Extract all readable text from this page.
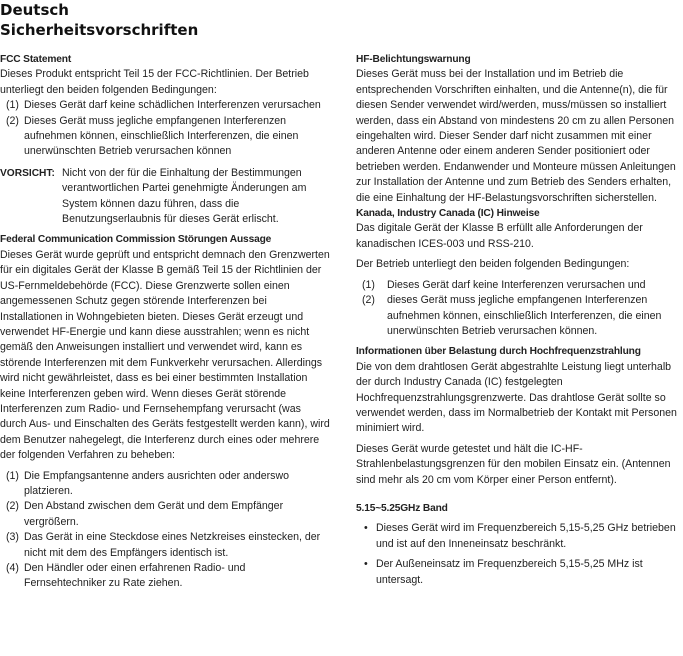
Deutsch
Sicherheitsvorschriften

FCC Statement

Dieses Produkt entspricht Teil 15 der FCC-Richtlinien. Der Betrieb unterliegt den beiden folgenden Bedingungen:

(1) Dieses Gerät darf keine schädlichen Interferenzen verursachen
(2) Dieses Gerät muss jegliche empfangenen Interferenzen aufnehmen können, einschließlich Interferenzen, die einen unerwünschten Betrieb verursachen können
VORSICHT: Nicht von der für die Einhaltung der Bestimmungen verantwortlichen Partei genehmigte Änderungen am System können dazu führen, dass die Benutzungserlaubnis für dieses Gerät erlischt.

Federal Communication Commission Störungen Aussage

Dieses Gerät wurde geprüft und entspricht demnach den Grenzwerten für ein digitales Gerät der Klasse B gemäß Teil 15 der Richtlinien der US-Fernmeldebehörde (FCC). Diese Grenzwerte sollen einen angemessenen Schutz gegen störende Interferenzen bei Installationen in Wohngebieten bieten. Dieses Gerät erzeugt und verwendet HF-Energie und kann diese ausstrahlen; wenn es nicht gemäß den Anweisungen installiert und verwendet wird, kann es störende Interferenzen mit dem Funkverkehr verursachen. Allerdings wird nicht gewährleistet, dass es bei einer bestimmten Installation keine Interferenzen geben wird. Wenn dieses Gerät störende Interferenzen zum Radio- und Fernsehempfang verursacht (was durch Aus- und Einschalten des Geräts festgestellt werden kann), wird dem Benutzer nahegelegt, die Interferenz durch eines oder mehrere der folgenden Verfahren zu beheben:

(1) Die Empfangsantenne anders ausrichten oder anderswo platzieren.
(2) Den Abstand zwischen dem Gerät und dem Empfänger vergrößern.
(3) Das Gerät in eine Steckdose eines Netzkreises einstecken, der nicht mit dem des Empfängers identisch ist.
(4) Den Händler oder einen erfahrenen Radio- und Fernsehtechniker zu Rate ziehen.

HF-Belichtungswarnung

Dieses Gerät muss bei der Installation und im Betrieb die entsprechenden Vorschriften einhalten, und die Antenne(n), die für diesen Sender verwendet wird/werden, muss/müssen so installiert werden, dass ein Abstand von mindestens 20 cm zu allen Personen eingehalten wird. Dieser Sender darf nicht zusammen mit einer anderen Antenne oder einem anderen Sender positioniert oder betrieben werden. Endanwender und Monteure müssen Anleitungen zur Installation der Antenne und zum Betrieb des Senders erhalten, die eine Einhaltung der HF-Belastungsvorschriften sicherstellen.

Kanada, Industry Canada (IC) Hinweise

Das digitale Gerät der Klasse B erfüllt alle Anforderungen der kanadischen ICES-003 und RSS-210.

Der Betrieb unterliegt den beiden folgenden Bedingungen:

(1) Dieses Gerät darf keine Interferenzen verursachen und
(2) dieses Gerät muss jegliche empfangenen Interferenzen aufnehmen können, einschließlich Interferenzen, die einen unerwünschten Betrieb verursachen können.

Informationen über Belastung durch Hochfrequenzstrahlung

Die von dem drahtlosen Gerät abgestrahlte Leistung liegt unterhalb der durch Industry Canada (IC) festgelegten Hochfrequenzstrahlungsgrenzwerte. Das drahtlose Gerät sollte so verwendet werden, dass im Normalbetrieb der Kontakt mit Personen minimiert wird.

Dieses Gerät wurde getestet und hält die IC-HF-Strahlenbelastungsgrenzen für den mobilen Einsatz ein. (Antennen sind mehr als 20 cm vom Körper einer Person entfernt).

5.15~5.25GHz Band

• Dieses Gerät wird im Frequenzbereich 5,15-5,25 GHz betrieben und ist auf den Inneneinsatz beschränkt.
• Der Außeneinsatz im Frequenzbereich 5,15-5,25 MHz ist untersagt.
